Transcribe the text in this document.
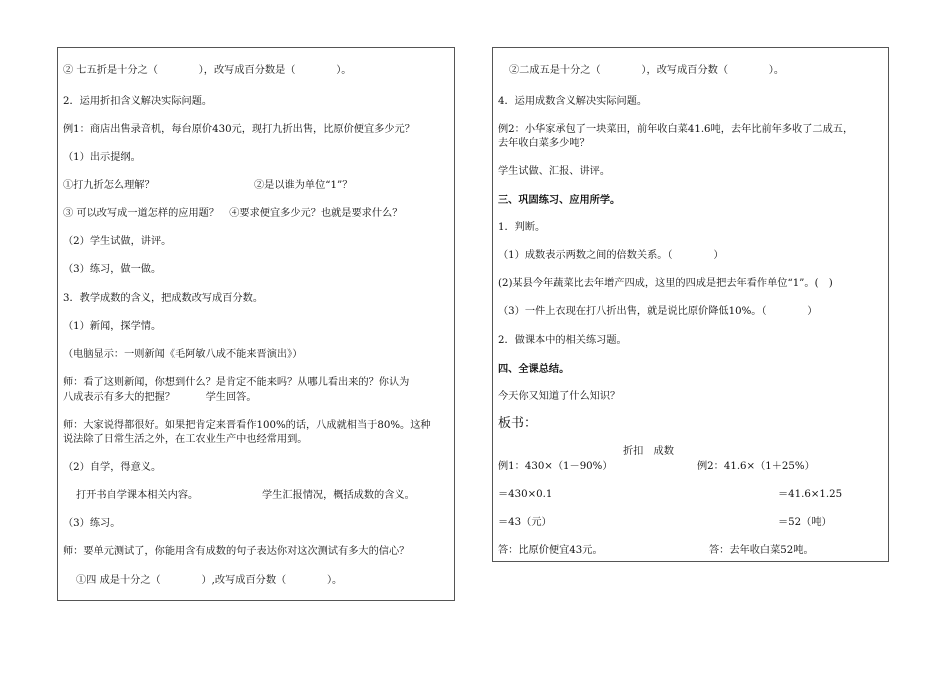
② 七五折是十分之（　　　　），改写成百分数是（　　　　）。
2．运用折扣含义解决实际问题。
例1：商店出售录音机，每台原价430元，现打九折出售，比原价便宜多少元？
（1）出示提纲。
①打九折怎么理解？	②是以谁为单位“1”？
③ 可以改写成一道怎样的应用题？　④要求便宜多少元？也就是要求什么？
（2）学生试做，讲评。
（3）练习，做一做。
3．教学成数的含义，把成数改写成百分数。
（1）新闻，探学情。
（电脑显示：一则新闻《毛阿敏八成不能来晋演出》）
师：看了这则新闻，你想到什么？是肯定不能来吗？从哪儿看出来的？你认为
八成表示有多大的把握？　　　学生回答。
师：大家说得都很好。如果把肯定来晋看作100%的话，八成就相当于80%。这种
说法除了日常生活之外，在工农业生产中也经常用到。
（2）自学，得意义。
打开书自学课本相关内容。	学生汇报情况，概括成数的含义。
（3）练习。
师：要单元测试了，你能用含有成数的句子表达你对这次测试有多大的信心？
①四 成是十分之（　　　　）,改写成百分数（　　　　）。
②二成五是十分之（　　　　），改写成百分数（　　　　）。
4．运用成数含义解决实际问题。
例2：小华家承包了一块菜田，前年收白菜41.6吨，去年比前年多收了二成五，
去年收白菜多少吨？
学生试做、汇报、讲评。
三、巩固练习、应用所学。
1．判断。
（1）成数表示两数之间的倍数关系。（　　　　）
(2)某县今年蔬菜比去年增产四成，这里的四成是把去年看作单位“1”。(　)
（3）一件上衣现在打八折出售，就是说比原价降低10%。（　　　　）
2．做课本中的相关练习题。
四、全课总结。
今天你又知道了什么知识？
板书：
折扣　成数
例1：430×（1－90%）
＝430×0.1
＝43（元）
答：比原价便宜43元。
例2：41.6×（1＋25%）
＝41.6×1.25
＝52（吨）
答：去年收白菜52吨。
